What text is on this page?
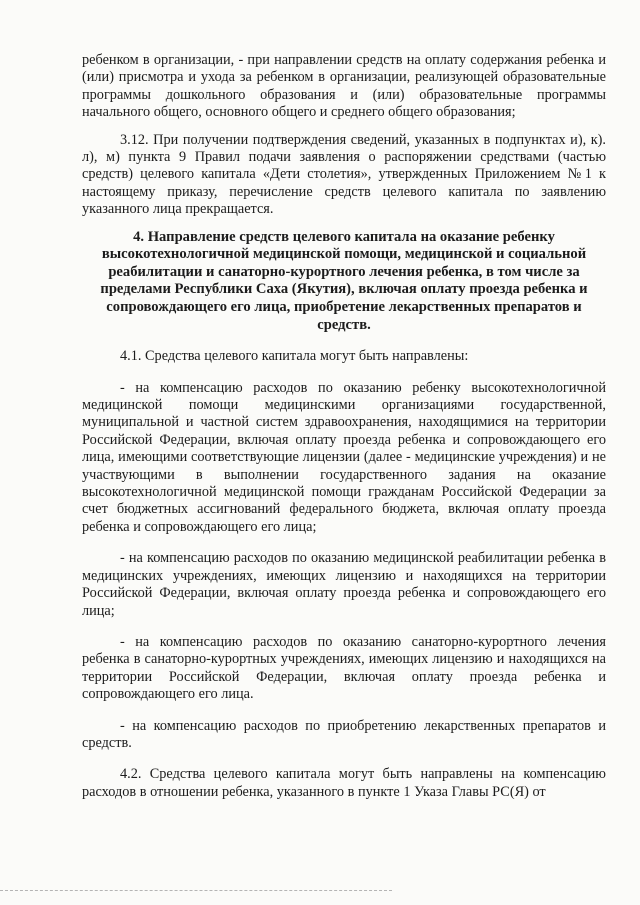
ребенком в организации, - при направлении средств на оплату содержания ребенка и (или) присмотра и ухода за ребенком в организации, реализующей образовательные программы дошкольного образования и (или) образовательные программы начального общего, основного общего и среднего общего образования;

3.12. При получении подтверждения сведений, указанных в подпунктах и), к). л), м) пункта 9 Правил подачи заявления о распоряжении средствами (частью средств) целевого капитала «Дети столетия», утвержденных Приложением №1 к настоящему приказу, перечисление средств целевого капитала по заявлению указанного лица прекращается.

4. Направление средств целевого капитала на оказание ребенку высокотехнологичной медицинской помощи, медицинской и социальной реабилитации и санаторно-курортного лечения ребенка, в том числе за пределами Республики Саха (Якутия), включая оплату проезда ребенка и сопровождающего его лица, приобретение лекарственных препаратов и средств.

4.1. Средства целевого капитала могут быть направлены:

- на компенсацию расходов по оказанию ребенку высокотехнологичной медицинской помощи медицинскими организациями государственной, муниципальной и частной систем здравоохранения, находящимися на территории Российской Федерации, включая оплату проезда ребенка и сопровождающего его лица, имеющими соответствующие лицензии (далее - медицинские учреждения) и не участвующими в выполнении государственного задания на оказание высокотехнологичной медицинской помощи гражданам Российской Федерации за счет бюджетных ассигнований федерального бюджета, включая оплату проезда ребенка и сопровождающего его лица;

- на компенсацию расходов по оказанию медицинской реабилитации ребенка в медицинских учреждениях, имеющих лицензию и находящихся на территории Российской Федерации, включая оплату проезда ребенка и сопровождающего его лица;

- на компенсацию расходов по оказанию санаторно-курортного лечения ребенка в санаторно-курортных учреждениях, имеющих лицензию и находящихся на территории Российской Федерации, включая оплату проезда ребенка и сопровождающего его лица.

- на компенсацию расходов по приобретению лекарственных препаратов и средств.

4.2. Средства целевого капитала могут быть направлены на компенсацию расходов в отношении ребенка, указанного в пункте 1 Указа Главы РС(Я) от
